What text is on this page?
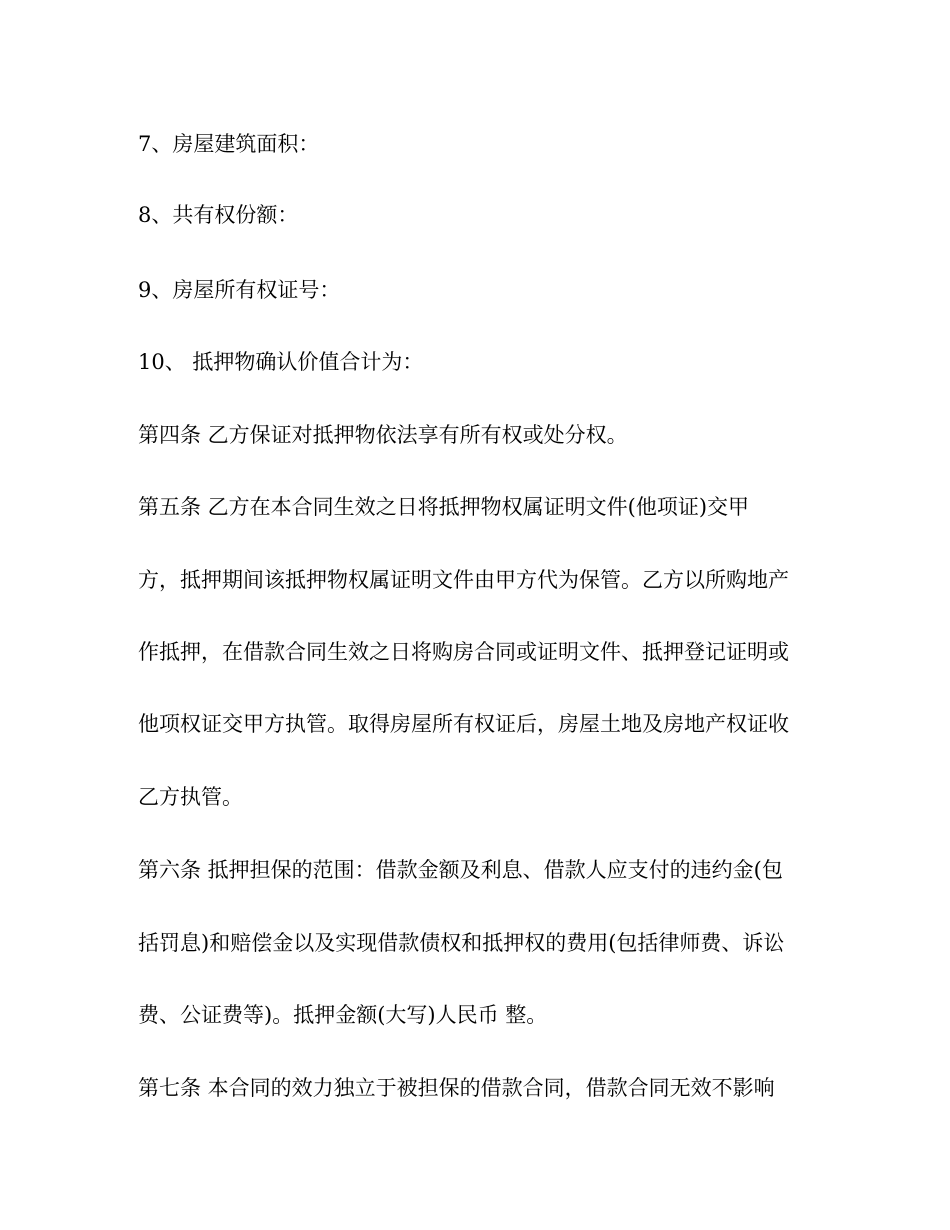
7、房屋建筑面积：
8、共有权份额：
9、房屋所有权证号：
10、 抵押物确认价值合计为：
第四条 乙方保证对抵押物依法享有所有权或处分权。
第五条 乙方在本合同生效之日将抵押物权属证明文件(他项证)交甲
方，抵押期间该抵押物权属证明文件由甲方代为保管。乙方以所购地产
作抵押，在借款合同生效之日将购房合同或证明文件、抵押登记证明或
他项权证交甲方执管。取得房屋所有权证后，房屋土地及房地产权证收
乙方执管。
第六条 抵押担保的范围：借款金额及利息、借款人应支付的违约金(包
括罚息)和赔偿金以及实现借款债权和抵押权的费用(包括律师费、诉讼
费、公证费等)。抵押金额(大写)人民币 整。
第七条 本合同的效力独立于被担保的借款合同，借款合同无效不影响
